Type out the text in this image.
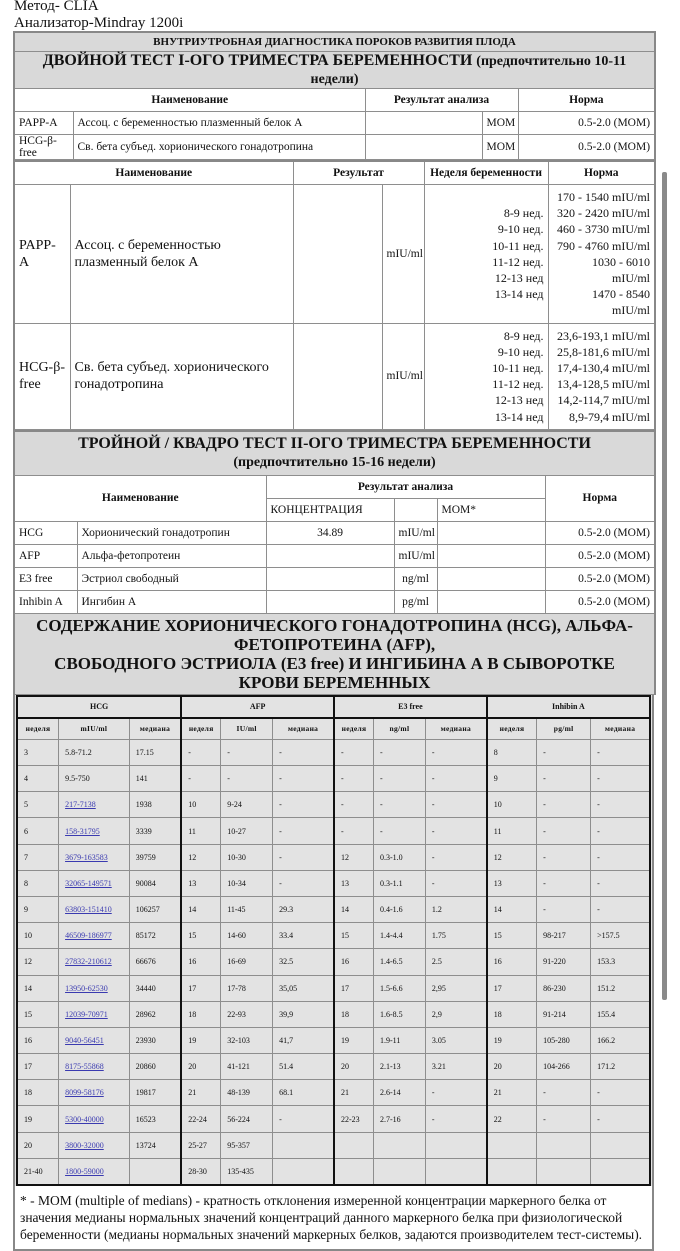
Метод- CLIA
Анализатор-Mindray 1200i
ВНУТРИУТРОБНАЯ ДИАГНОСТИКА ПОРОКОВ РАЗВИТИЯ ПЛОДА				
ДВОЙНОЙ ТЕСТ I-ОГО ТРИМЕСТРА БЕРЕМЕННОСТИ (предпочтительно 10-11 недели)				
Наименование		Результат анализа		Норма
PAPP-A	Ассоц. с беременностью плазменный белок А		MOM	0.5-2.0 (MOM)
HCG-β-free	Св. бета субъед. хорионического гонадотропина		MOM	0.5-2.0 (MOM)
Наименование		Результат		Неделя беременности	Норма
PAPP-A	Ассоц. с беременностью плазменный белок А		mIU/ml	
8-9 нед.
9-10 нед.
10-11 нед.
11-12 нед.
12-13 нед
13-14 нед

170 - 1540 mIU/ml
320 - 2420 mIU/ml
460 - 3730 mIU/ml
790 - 4760 mIU/ml
1030 - 6010 mIU/ml
1470 - 8540 mIU/ml

HCG-β-free	Св. бета субъед. хорионического гонадотропина		mIU/ml	
8-9 нед.
9-10 нед.
10-11 нед.
11-12 нед.
12-13 нед
13-14 нед

23,6-193,1 mIU/ml
25,8-181,6 mIU/ml
17,4-130,4 mIU/ml
13,4-128,5 mIU/ml
14,2-114,7 mIU/ml
8,9-79,4 mIU/ml
ТРОЙНОЙ / КВАДРО ТЕСТ II-ОГО ТРИМЕСТРА БЕРЕМЕННОСТИ (предпочтительно 15-16 недели)					
Наименование		Результат анализа			Норма
		КОНЦЕНТРАЦИЯ		MOM*	
HCG	Хорионический гонадотропин	34.89	mIU/ml		0.5-2.0 (MOM)
AFP	Альфа-фетопротеин		mIU/ml		0.5-2.0 (MOM)
E3 free	Эстриол свободный		ng/ml		0.5-2.0 (MOM)
Inhibin A	Ингибин А		pg/ml		0.5-2.0 (MOM)

СОДЕРЖАНИЕ ХОРИОНИЧЕСКОГО ГОНАДОТРОПИНА (HCG), АЛЬФА-ФЕТОПРОТЕИНА (AFP),
СВОБОДНОГО ЭСТРИОЛА (E3 free) И ИНГИБИНА А В СЫВОРОТКЕ КРОВИ БЕРЕМЕННЫХ					
HCG			AFP			E3 free			Inhibin A		
неделя	mIU/ml	медиана	неделя	IU/ml	медиана	неделя	ng/ml	медиана	неделя	pg/ml	медиана
3	5.8-71.2	17.15	-	-	-	-	-	-	8	-	-
4	9.5-750	141	-	-	-	-	-	-	9	-	-
5	217-7138	1938	10	9-24	-	-	-	-	10	-	-
6	158-31795	3339	11	10-27	-	-	-	-	11	-	-
7	3679-163583	39759	12	10-30	-	12	0.3-1.0	-	12	-	-
8	32065-149571	90084	13	10-34	-	13	0.3-1.1	-	13	-	-
9	63803-151410	106257	14	11-45	29.3	14	0.4-1.6	1.2	14	-	-
10	46509-186977	85172	15	14-60	33.4	15	1.4-4.4	1.75	15	98-217	>157.5
12	27832-210612	66676	16	16-69	32.5	16	1.4-6.5	2.5	16	91-220	153.3
14	13950-62530	34440	17	17-78	35,05	17	1.5-6.6	2,95	17	86-230	151.2
15	12039-70971	28962	18	22-93	39,9	18	1.6-8.5	2,9	18	91-214	155.4
16	9040-56451	23930	19	32-103	41,7	19	1.9-11	3.05	19	105-280	166.2
17	8175-55868	20860	20	41-121	51.4	20	2.1-13	3.21	20	104-266	171.2
18	8099-58176	19817	21	48-139	68.1	21	2.6-14	-	21	-	-
19	5300-40000	16523	22-24	56-224	-	22-23	2.7-16	-	22	-	-
20	3800-32000	13724	25-27	95-357							
21-40	1800-59000		28-30	135-435							
* - MOM (multiple of medians) - кратность отклонения измеренной концентрации маркерного белка от значения медианы нормальных значений концентраций данного маркерного белка при физиологической беременности (медианы нормальных значений маркерных белков, задаются производителем тест-системы).
